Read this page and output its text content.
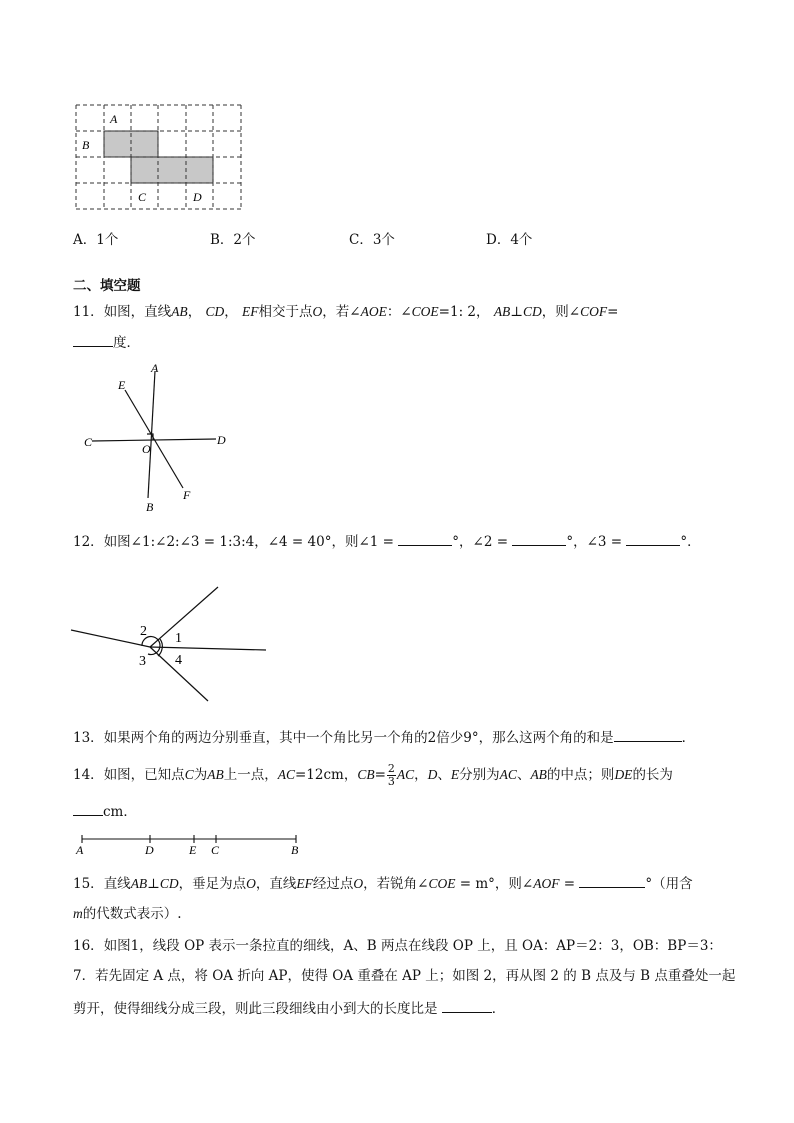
A
B
C	D
A．1个	B．2个	C．3个	D．4个
二、填空题
11．如图，直线AB， CD， EF相交于点O，若∠AOE：∠COE=1: 2， AB⊥CD，则∠COF=
度．
A
E
C	D
O
B
F
12．如图∠1:∠2:∠3 = 1:3:4，∠4 = 40°，则∠1 =	°，∠2 =	°，∠3 =	°．
2 1
3 4
13．如果两个角的两边分别垂直，其中一个角比另一个角的2倍少9°，那么这两个角的和是	．
14．如图，已知点C为AB上一点，AC=12cm，$CB= \frac{2}{3}$ AC，D、E分别为AC、AB的中点；则DE的长为
cm．
A	D	E C	B
15．直线AB⊥CD，垂足为点O，直线EF经过点O，若锐角∠COE = m°，则∠AOF =	°（用含
m的代数式表示）.
16．如图1，线段 OP 表示一条拉直的细线，A、B 两点在线段 OP 上，且 OA：AP＝2：3，OB：BP＝3：
7．若先固定 A 点，将 OA 折向 AP，使得 OA 重叠在 AP 上；如图 2，再从图 2 的 B 点及与 B 点重叠处一起
剪开，使得细线分成三段，则此三段细线由小到大的长度比是	．
